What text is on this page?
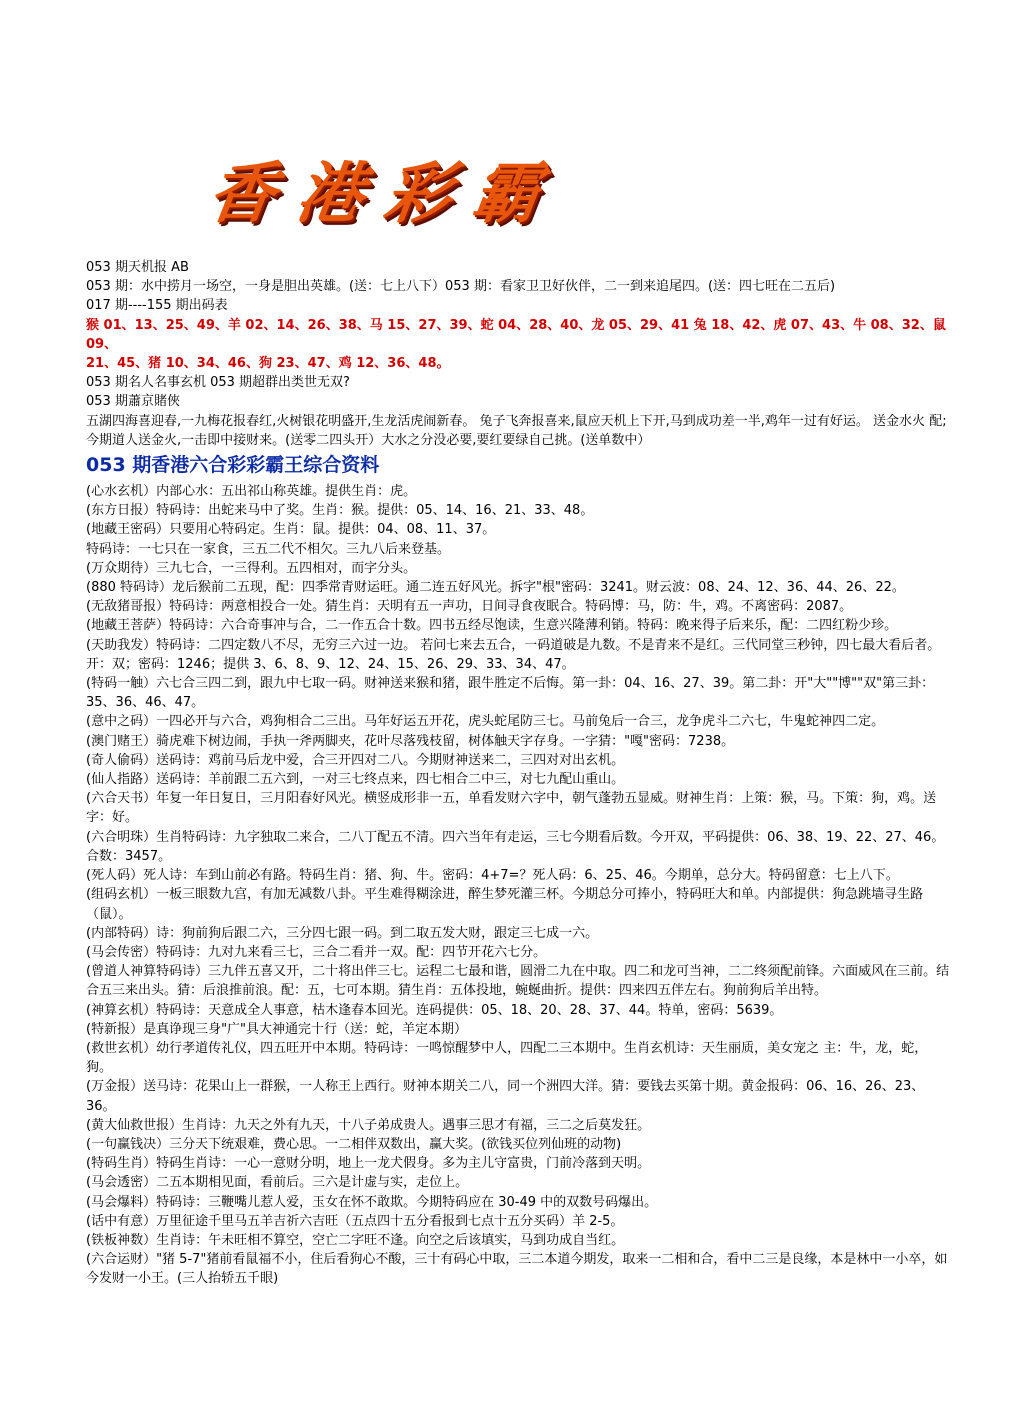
香港彩霸

053 期天机报 AB

053 期：水中捞月一场空，一身是胆出英雄。(送：七上八下）053 期：看家卫卫好伙伴，二一到来追尾四。(送：四七旺在二五后)

017 期----155 期出码表

猴 01、13、25、49、羊 02、14、26、38、马 15、27、39、蛇 04、28、40、龙 05、29、41 兔 18、42、虎 07、43、牛 08、32、鼠 09、

21、45、猪 10、34、46、狗 23、47、鸡 12、36、48。

053 期名人名事玄机 053 期超群出类世无双?

053 期蕭京賭俠

五湖四海喜迎春,一九梅花报春红,火树银花明盛开,生龙活虎闹新春。 兔子飞奔报喜来,鼠应天机上下开,马到成功差一半,鸡年一过有好运。 送金水火 配;今期道人送金火,一击即中接财来。(送零二四头开）大水之分没必要,要红要绿自己挑。(送单数中）

053 期香港六合彩彩霸王综合资料

(心水玄机）内部心水：五出祁山称英雄。提供生肖：虎。

(东方日报）特码诗：出蛇来马中了奖。生肖：猴。提供：05、14、16、21、33、48。

(地藏王密码）只要用心特码定。生肖：鼠。提供：04、08、11、37。

特码诗：一七只在一家食，三五二代不相欠。三九八后来登基。

(万众期待）三九七合，一三得利。五四相对，而字分头。

(880 特码诗）龙后猴前二五现，配：四季常青财运旺。通二连五好风光。拆字"根"密码：3241。财云波：08、24、12、36、44、26、22。

(无敌猪哥报）特码诗：两意相投合一处。猜生肖：天明有五一声功，日间寻食夜眠合。特码博：马，防：牛，鸡。不离密码：2087。

(地藏王菩萨）特码诗：六合奇事冲与合，二一作五合十数。四书五经尽饱读，生意兴隆薄利销。特码：晚来得子后来乐，配：二四红粉少珍。

(天助我发）特码诗：二四定数八不尽，无穷三六过一边。 若问七来去五合，一码道破是九数。不是青来不是红。三代同堂三秒钟，四七最大看后者。 开：双；密码：1246；提供 3、6、8、9、12、24、15、26、29、33、34、47。

(特码一触）六七合三四二到，跟九中七取一码。财神送来猴和猪，跟牛胜定不后悔。第一卦：04、16、27、39。第二卦：开"大""博""双"第三卦：35、36、46、47。

(意中之码）一四必开与六合，鸡狗相合二三出。马年好运五开花，虎头蛇尾防三七。马前兔后一合三，龙争虎斗二六七，牛鬼蛇神四二定。

(澳门赌王）骑虎难下树边闹，手执一斧两脚夹，花叶尽落残枝留，树体触天字存身。一字猜："嘎"密码：7238。

(奇人偷码）送码诗：鸡前马后龙中爱，合三开四对二八。今期财神送来二，三四对对出玄机。

(仙人指路）送码诗：羊前跟二五六到，一对三七终点来，四七相合二中三，对七九配山重山。

(六合天书）年复一年日复日，三月阳春好风光。横竖成形非一五，单看发财六字中，朝气蓬勃五显威。财神生肖：上策：猴，马。下策：狗，鸡。送字：好。

(六合明珠）生肖特码诗：九字独取二来合，二八丁配五不清。四六当年有走运，三七今期看后数。今开双，平码提供：06、38、19、22、27、46。合数：3457。

(死人码）死人诗：车到山前必有路。特码生肖：猪、狗、牛。密码：4+7=？死人码：6、25、46。今期单，总分大。特码留意：七上八下。

(组码玄机）一板三眼数九宫，有加无减数八卦。平生难得糊涂进，醉生梦死灌三杯。今期总分可捧小，特码旺大和单。内部提供：狗急跳墙寻生路（鼠）。

(内部特码）诗：狗前狗后跟二六，三分四七跟一码。到二取五发大财，跟定三七成一六。

(马会传密）特码诗：九对九来看三七，三合二看并一双。配：四节开花六七分。

(曾道人神算特码诗）三九伴五喜又开，二十将出伴三七。运程二七最和谐，圆滑二九在中取。四二和龙可当神，二二终须配前锋。六面威风在三前。结合五三来出头。猜：后浪推前浪。配：五，七可本期。猜生肖：五体投地，蜿蜒曲折。提供：四来四五伴左右。狗前狗后羊出特。

(神算玄机）特码诗：天意成全人事意，枯木逢春本回光。连码提供：05、18、20、28、37、44。特单，密码：5639。

(特新报）是真诤现三身"广"具大神通完十行（送：蛇，羊定本期）

(救世玄机）幼行孝道传礼仪，四五旺开中本期。特码诗：一鸣惊醒梦中人，四配二三本期中。生肖玄机诗：天生丽质，美女宠之 主：牛，龙，蛇，狗。

(万金报）送马诗：花果山上一群猴，一人称王上西行。财神本期关二八，同一个洲四大洋。猜：要钱去买第十期。黄金报码：06、16、26、23、36。

(黄大仙救世报）生肖诗：九天之外有九天，十八子弟成贵人。遇事三思才有福，三二之后莫发狂。

(一句赢钱决）三分天下统艰难，费心思。一二相伴双数出，赢大奖。(欲钱买位列仙班的动物)

(特码生肖）特码生肖诗：一心一意财分明，地上一龙犬假身。多为主儿守富贵，门前冷落到天明。

(马会透密）二五本期相见面，看前后。三六是计虚与实，走位上。

(马会爆料）特码诗：三鞭嘴儿惹人爱，玉女在怀不敢欺。今期特码应在 30-49 中的双数号码爆出。

(话中有意）万里征途千里马五羊吉祈六吉旺（五点四十五分看报到七点十五分买码）羊 2-5。

(铁板神数）生肖诗：午未旺相不算空，空亡二字旺不逢。向空之后该填实，马到功成自当红。

(六合运财）"猪 5-7"猪前看鼠福不小，住后看狗心不酸，三十有码心中取，三二本道今期发，取来一二相和合，看中二三是良缘，本是林中一小卒，如今发财一小王。(三人抬轿五千眼)
